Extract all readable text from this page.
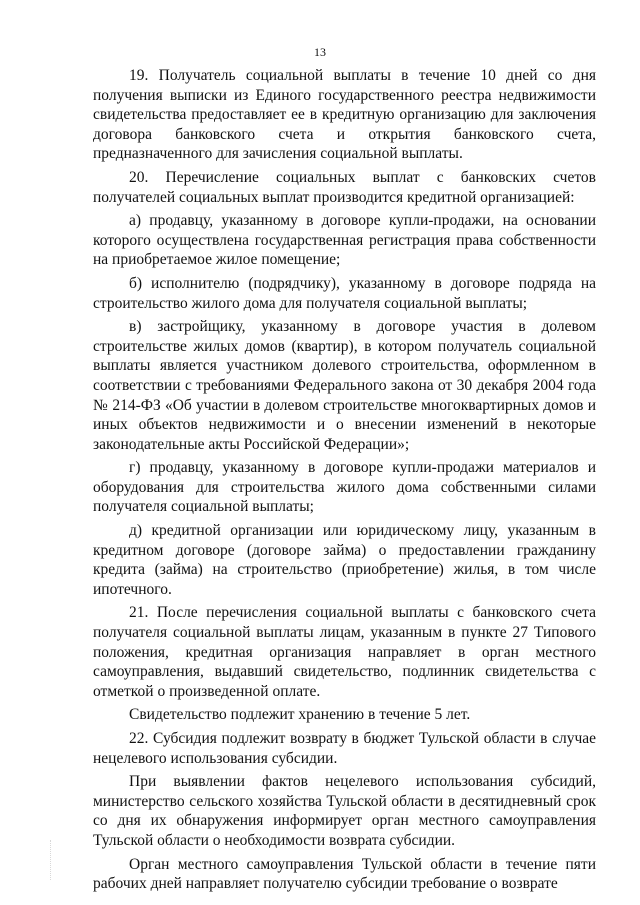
13

19. Получатель социальной выплаты в течение 10 дней со дня получения выписки из Единого государственного реестра недвижимости свидетельства предоставляет ее в кредитную организацию для заключения договора банковского счета и открытия банковского счета, предназначенного для зачисления социальной выплаты.

20. Перечисление социальных выплат с банковских счетов получателей социальных выплат производится кредитной организацией:

а) продавцу, указанному в договоре купли-продажи, на основании которого осуществлена государственная регистрация права собственности на приобретаемое жилое помещение;

б) исполнителю (подрядчику), указанному в договоре подряда на строительство жилого дома для получателя социальной выплаты;

в) застройщику, указанному в договоре участия в долевом строительстве жилых домов (квартир), в котором получатель социальной выплаты является участником долевого строительства, оформленном в соответствии с требованиями Федерального закона от 30 декабря 2004 года № 214-ФЗ «Об участии в долевом строительстве многоквартирных домов и иных объектов недвижимости и о внесении изменений в некоторые законодательные акты Российской Федерации»;

г) продавцу, указанному в договоре купли-продажи материалов и оборудования для строительства жилого дома собственными силами получателя социальной выплаты;

д) кредитной организации или юридическому лицу, указанным в кредитном договоре (договоре займа) о предоставлении гражданину кредита (займа) на строительство (приобретение) жилья, в том числе ипотечного.

21. После перечисления социальной выплаты с банковского счета получателя социальной выплаты лицам, указанным в пункте 27 Типового положения, кредитная организация направляет в орган местного самоуправления, выдавший свидетельство, подлинник свидетельства с отметкой о произведенной оплате.

Свидетельство подлежит хранению в течение 5 лет.

22. Субсидия подлежит возврату в бюджет Тульской области в случае нецелевого использования субсидии.

При выявлении фактов нецелевого использования субсидий, министерство сельского хозяйства Тульской области в десятидневный срок со дня их обнаружения информирует орган местного самоуправления Тульской области о необходимости возврата субсидии.

Орган местного самоуправления Тульской области в течение пяти рабочих дней направляет получателю субсидии требование о возврате
